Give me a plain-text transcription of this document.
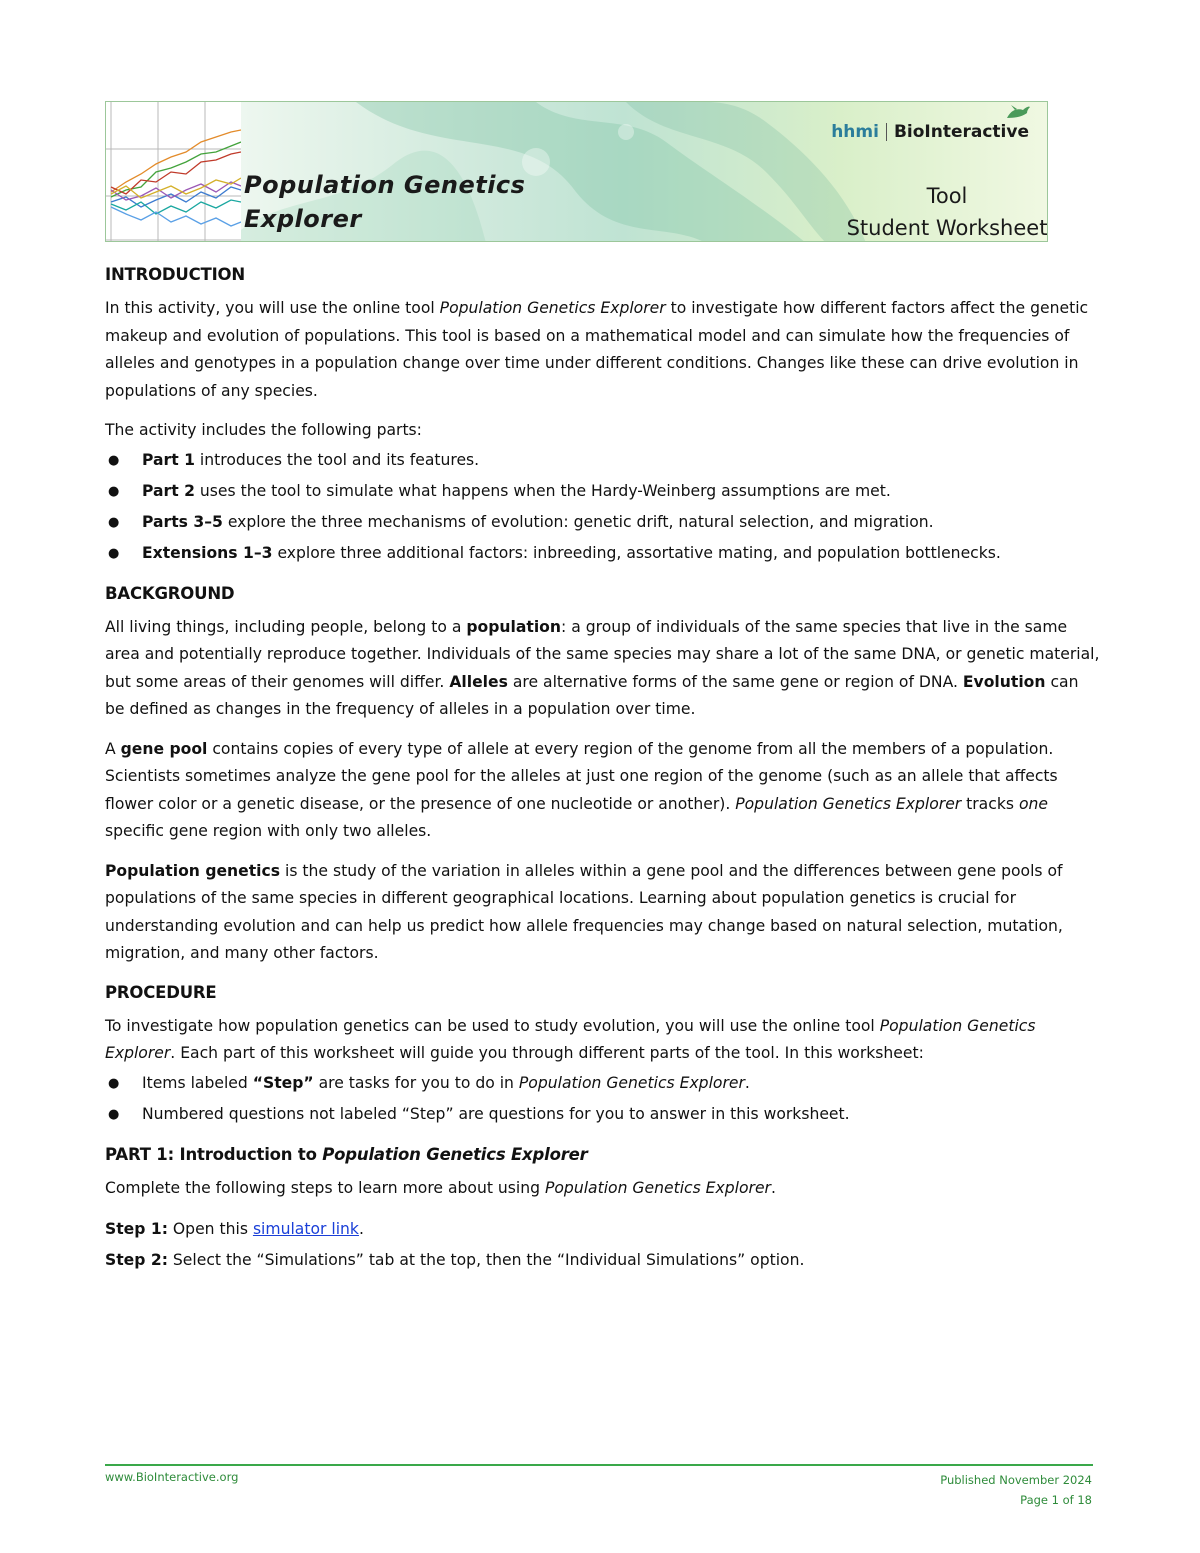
Population Genetics
Explorer
hhmi BioInteractive
Tool
Student Worksheet
INTRODUCTION

In this activity, you will use the online tool Population Genetics Explorer to investigate how different factors affect the genetic makeup and evolution of populations. This tool is based on a mathematical model and can simulate how the frequencies of alleles and genotypes in a population change over time under different conditions. Changes like these can drive evolution in populations of any species.

The activity includes the following parts:

● Part 1 introduces the tool and its features.
● Part 2 uses the tool to simulate what happens when the Hardy-Weinberg assumptions are met.
● Parts 3–5 explore the three mechanisms of evolution: genetic drift, natural selection, and migration.
● Extensions 1–3 explore three additional factors: inbreeding, assortative mating, and population bottlenecks.
BACKGROUND

All living things, including people, belong to a population: a group of individuals of the same species that live in the same area and potentially reproduce together. Individuals of the same species may share a lot of the same DNA, or genetic material, but some areas of their genomes will differ. Alleles are alternative forms of the same gene or region of DNA. Evolution can be defined as changes in the frequency of alleles in a population over time.

A gene pool contains copies of every type of allele at every region of the genome from all the members of a population. Scientists sometimes analyze the gene pool for the alleles at just one region of the genome (such as an allele that affects flower color or a genetic disease, or the presence of one nucleotide or another). Population Genetics Explorer tracks one specific gene region with only two alleles.

Population genetics is the study of the variation in alleles within a gene pool and the differences between gene pools of populations of the same species in different geographical locations. Learning about population genetics is crucial for understanding evolution and can help us predict how allele frequencies may change based on natural selection, mutation, migration, and many other factors.

PROCEDURE

To investigate how population genetics can be used to study evolution, you will use the online tool Population Genetics Explorer. Each part of this worksheet will guide you through different parts of the tool. In this worksheet:

● Items labeled “Step” are tasks for you to do in Population Genetics Explorer.
● Numbered questions not labeled “Step” are questions for you to answer in this worksheet.
PART 1: Introduction to Population Genetics Explorer

Complete the following steps to learn more about using Population Genetics Explorer.

Step 1: Open this simulator link.

Step 2: Select the “Simulations” tab at the top, then the “Individual Simulations” option.

www.BioInteractive.org	Published November 2024
Page 1 of 18
